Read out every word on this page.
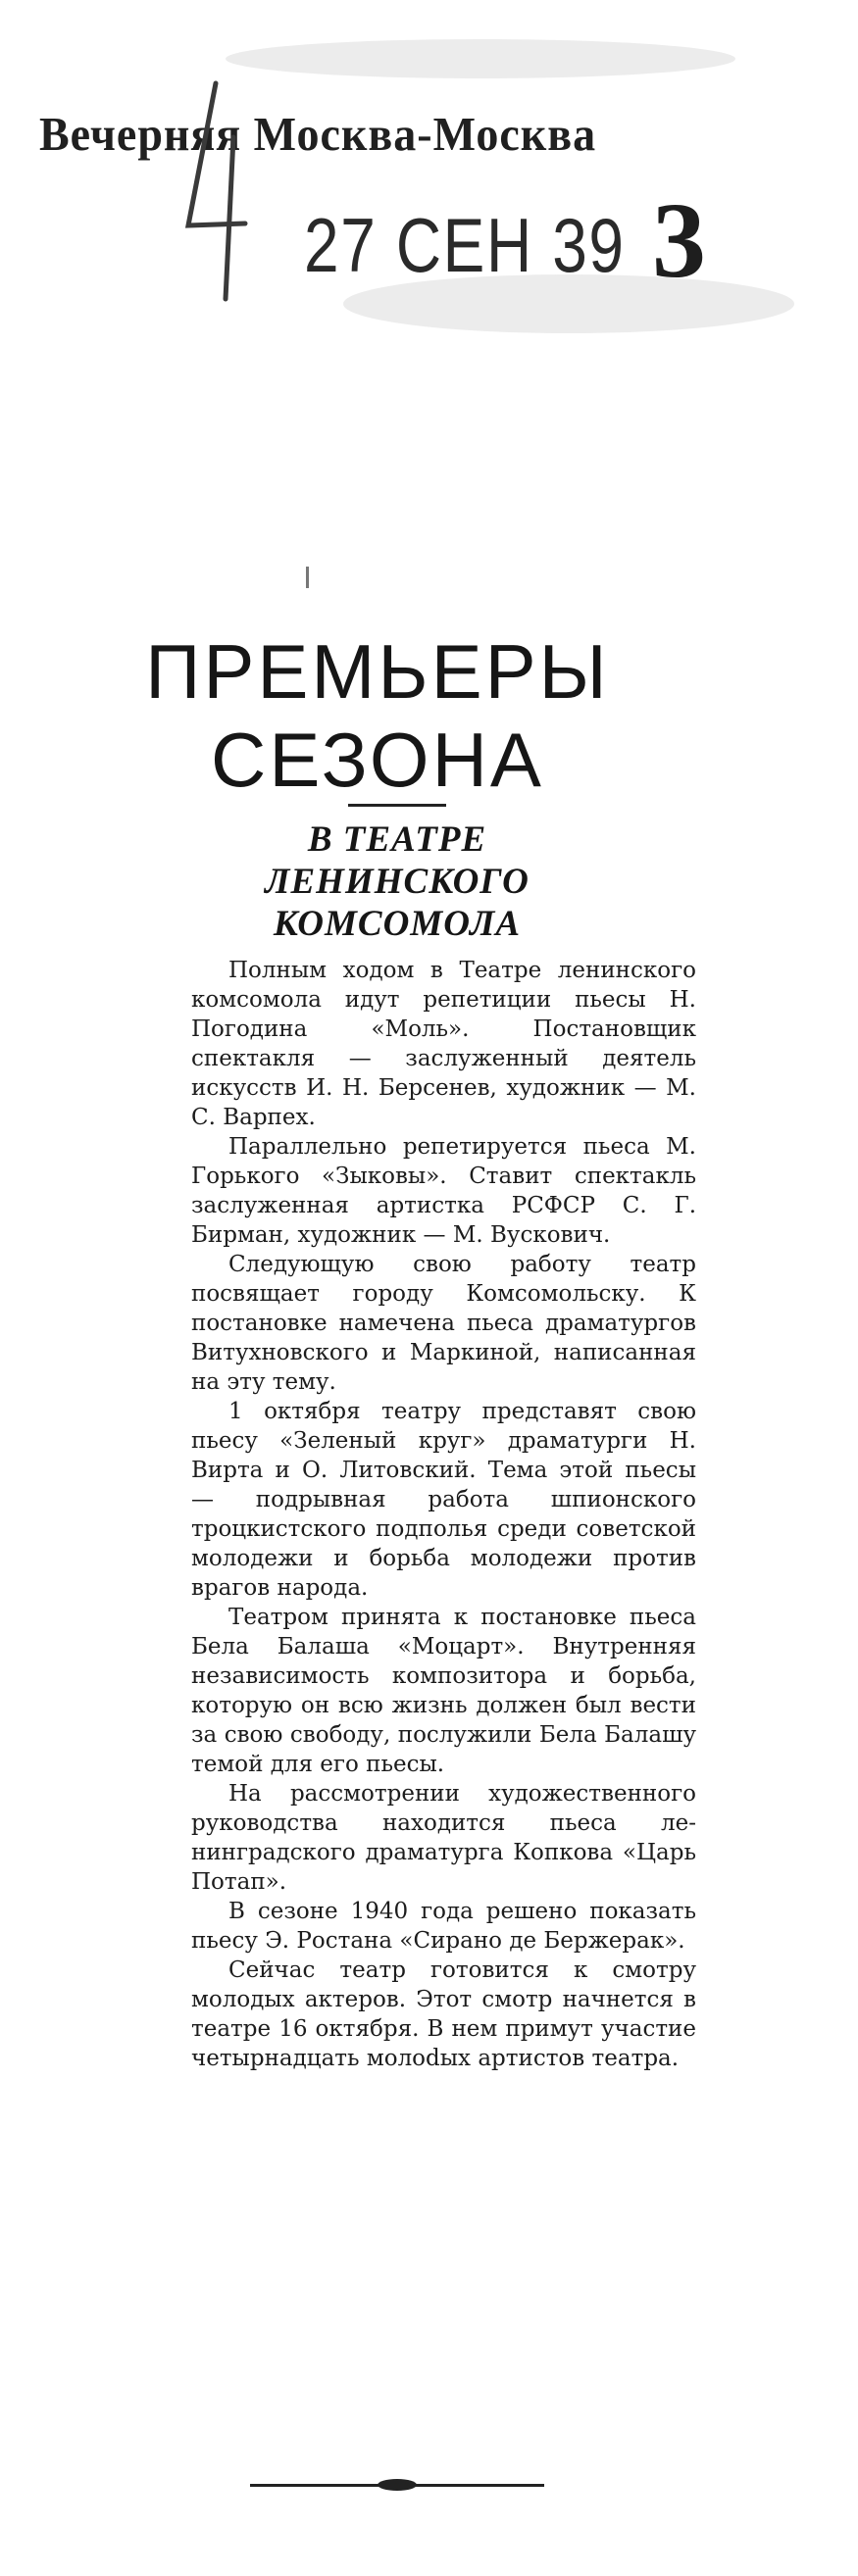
Вечерняя Москва-Москва
27 СЕН 39 3
ПРЕМЬЕРЫ
СЕЗОНА
В ТЕАТРЕ
ЛЕНИНСКОГО
КОМСОМОЛА

Полным ходом в Театре ленинского комсомола идут репетиции пьесы Н. Погодина «Моль». Постановщик спектакля — заслуженный деятель искусств И. Н. Берсенев, художник — М. С. Варпех.

Параллельно репетируется пьеса М. Горького «Зыковы». Ставит спектакль заслуженная артистка РСФСР С. Г. Бирман, художник — М. Вускович.

Следующую свою работу театр посвящает городу Комсомольску. К постановке намечена пьеса драматургов Витухновского и Маркиной, написанная на эту тему.

1 октября театру представят свою пьесу «Зеленый круг» драматурги Н. Вирта и О. Литовский. Тема этой пьесы — подрывная работа шпионского троцкистского подполья среди советской молодежи и борьба молодежи против врагов народа.

Театром принята к постановке пьеса Бела Балаша «Моцарт». Внутренняя независимость композитора и борьба, которую он всю жизнь должен был вести за свою свободу, послужили Бела Балашу темой для его пьесы.

На рассмотрении художественного руководства находится пьеса ленинградского драматурга Копкова «Царь Потап».

В сезоне 1940 года решено показать пьесу Э. Ростана «Сирано де Бержерак».

Сейчас театр готовится к смотру молодых актеров. Этот смотр начнется в театре 16 октября. В нем примут участие четырнадцать молоdых артистов театра.
